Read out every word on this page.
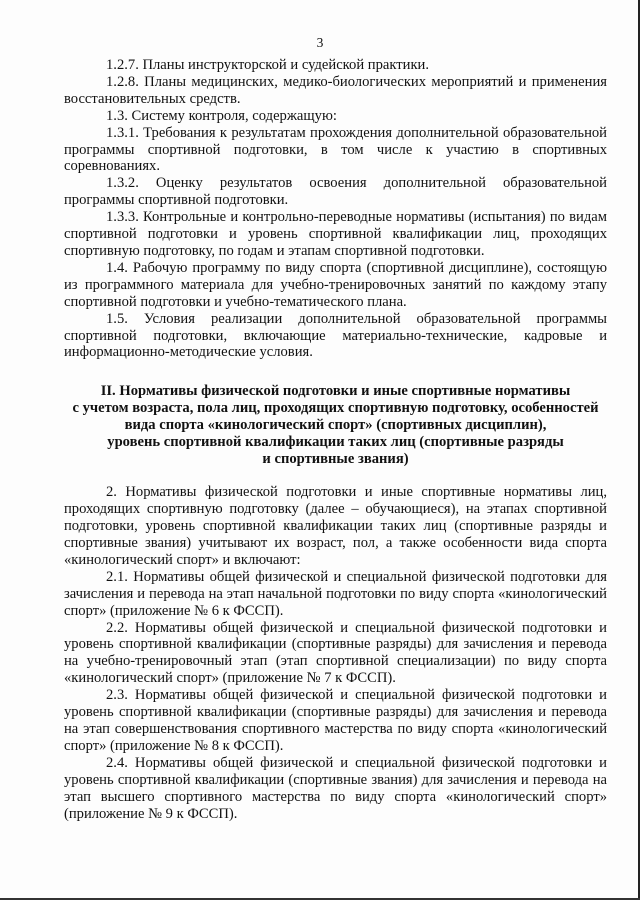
3

1.2.7. Планы инструкторской и судейской практики.

1.2.8. Планы медицинских, медико-биологических мероприятий и применения восстановительных средств.

1.3. Систему контроля, содержащую:

1.3.1. Требования к результатам прохождения дополнительной образовательной программы спортивной подготовки, в том числе к участию в спортивных соревнованиях.

1.3.2. Оценку результатов освоения дополнительной образовательной программы спортивной подготовки.

1.3.3. Контрольные и контрольно-переводные нормативы (испытания) по видам спортивной подготовки и уровень спортивной квалификации лиц, проходящих спортивную подготовку, по годам и этапам спортивной подготовки.

1.4. Рабочую программу по виду спорта (спортивной дисциплине), состоящую из программного материала для учебно-тренировочных занятий по каждому этапу спортивной подготовки и учебно-тематического плана.

1.5. Условия реализации дополнительной образовательной программы спортивной подготовки, включающие материально-технические, кадровые и информационно-методические условия.

II. Нормативы физической подготовки и иные спортивные нормативы

с учетом возраста, пола лиц, проходящих спортивную подготовку, особенностей

вида спорта «кинологический спорт» (спортивных дисциплин),

уровень спортивной квалификации таких лиц (спортивные разряды

и спортивные звания)

2. Нормативы физической подготовки и иные спортивные нормативы лиц, проходящих спортивную подготовку (далее – обучающиеся), на этапах спортивной подготовки, уровень спортивной квалификации таких лиц (спортивные разряды и спортивные звания) учитывают их возраст, пол, а также особенности вида спорта «кинологический спорт» и включают:

2.1. Нормативы общей физической и специальной физической подготовки для зачисления и перевода на этап начальной подготовки по виду спорта «кинологический спорт» (приложение № 6 к ФССП).

2.2. Нормативы общей физической и специальной физической подготовки и уровень спортивной квалификации (спортивные разряды) для зачисления и перевода на учебно-тренировочный этап (этап спортивной специализации) по виду спорта «кинологический спорт» (приложение № 7 к ФССП).

2.3. Нормативы общей физической и специальной физической подготовки и уровень спортивной квалификации (спортивные разряды) для зачисления и перевода на этап совершенствования спортивного мастерства по виду спорта «кинологический спорт» (приложение № 8 к ФССП).

2.4. Нормативы общей физической и специальной физической подготовки и уровень спортивной квалификации (спортивные звания) для зачисления и перевода на этап высшего спортивного мастерства по виду спорта «кинологический спорт» (приложение № 9 к ФССП).
